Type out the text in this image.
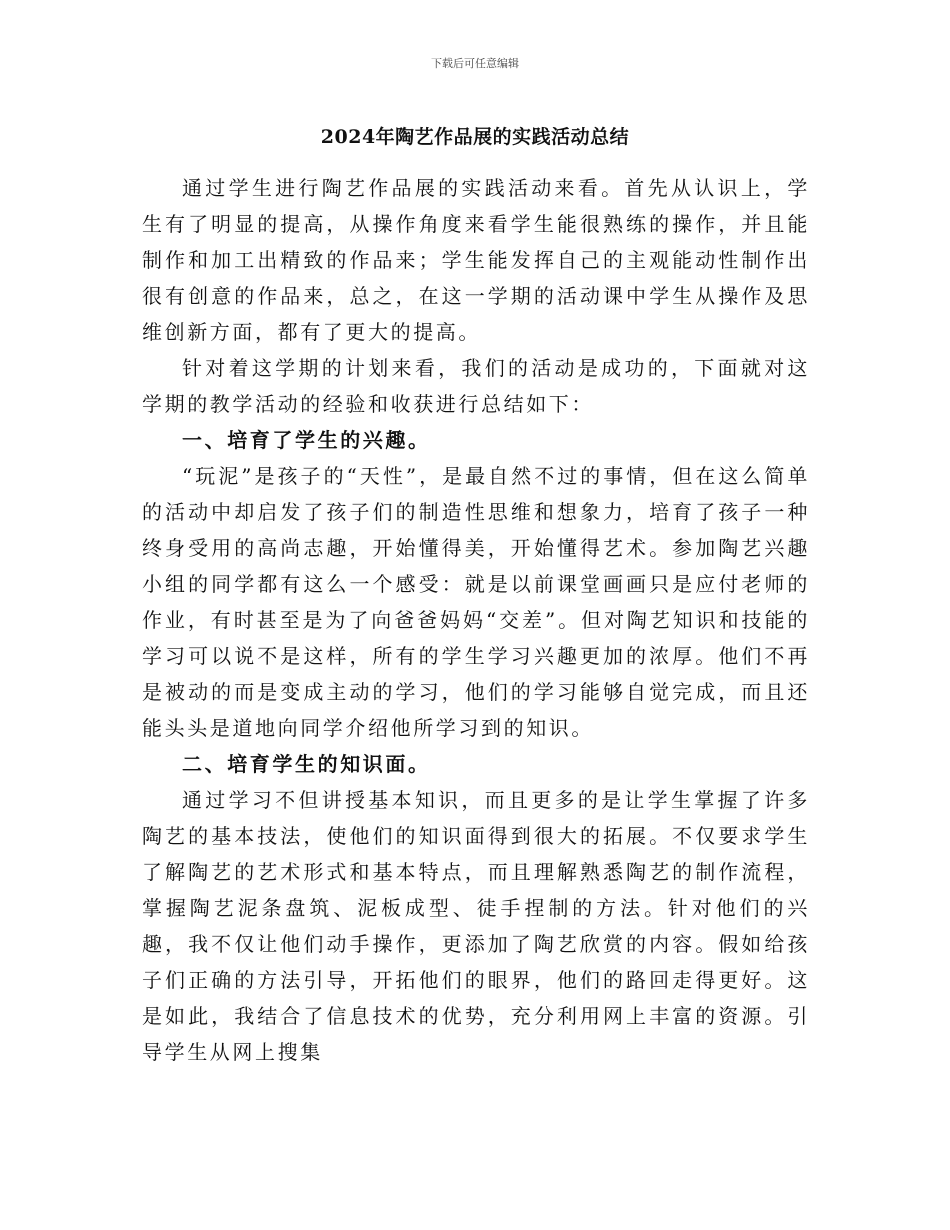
下载后可任意编辑
2024年陶艺作品展的实践活动总结

通过学生进行陶艺作品展的实践活动来看。首先从认识上，学生有了明显的提高，从操作角度来看学生能很熟练的操作，并且能制作和加工出精致的作品来；学生能发挥自己的主观能动性制作出很有创意的作品来，总之，在这一学期的活动课中学生从操作及思维创新方面，都有了更大的提高。

针对着这学期的计划来看，我们的活动是成功的，下面就对这学期的教学活动的经验和收获进行总结如下：

一、培育了学生的兴趣。

“玩泥”是孩子的“天性”，是最自然不过的事情，但在这么简单的活动中却启发了孩子们的制造性思维和想象力，培育了孩子一种终身受用的高尚志趣，开始懂得美，开始懂得艺术。参加陶艺兴趣小组的同学都有这么一个感受：就是以前课堂画画只是应付老师的作业，有时甚至是为了向爸爸妈妈“交差”。但对陶艺知识和技能的学习可以说不是这样，所有的学生学习兴趣更加的浓厚。他们不再是被动的而是变成主动的学习，他们的学习能够自觉完成，而且还能头头是道地向同学介绍他所学习到的知识。

二、培育学生的知识面。

通过学习不但讲授基本知识，而且更多的是让学生掌握了许多陶艺的基本技法，使他们的知识面得到很大的拓展。不仅要求学生了解陶艺的艺术形式和基本特点，而且理解熟悉陶艺的制作流程，掌握陶艺泥条盘筑、泥板成型、徒手捏制的方法。针对他们的兴趣，我不仅让他们动手操作，更添加了陶艺欣赏的内容。假如给孩子们正确的方法引导，开拓他们的眼界，他们的路回走得更好。这是如此，我结合了信息技术的优势，充分利用网上丰富的资源。引导学生从网上搜集
